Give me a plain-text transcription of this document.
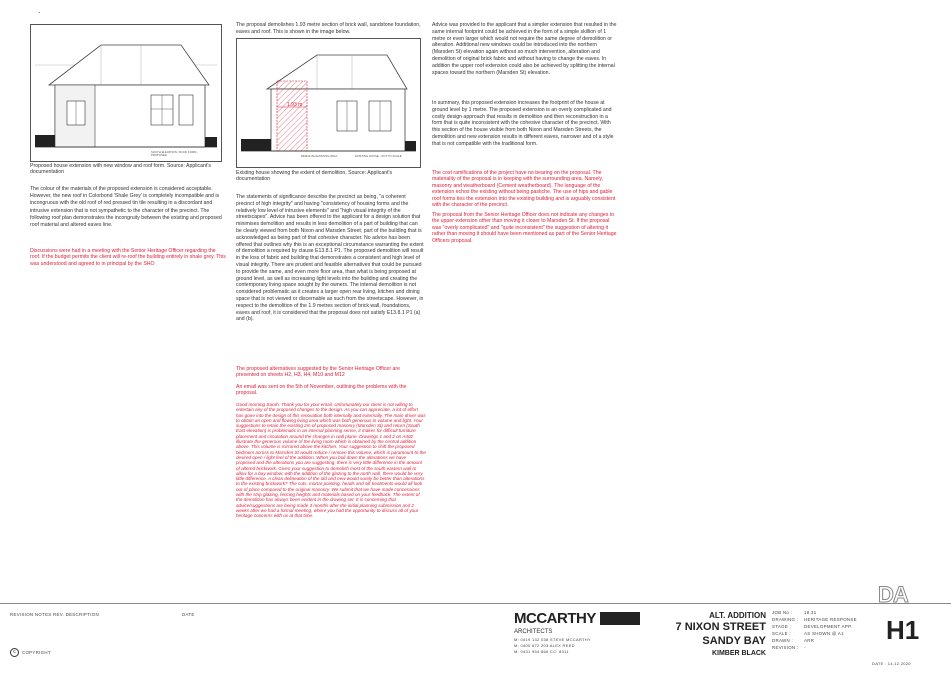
.
SOUTH ELEVATION / ROOF FORM - PROPOSED
Proposed house extension with new window and roof form. Source: Applicant's documentation
The colour of the materials of the proposed extension is considered acceptable. However, the new roof in Colorbond 'Shale Grey' is completely incompatible and is incongruous with the old roof of red pressed tin tile resulting in a discordant and intrusive extension that is not sympathetic to the character of the precinct. The following roof plan demonstrates the incongruity between the existing and proposed roof material and altered eaves line.
Discussions were had in a meeting with the Senior Heritage Officer regarding the roof. If the budget permits the client will re-roof the building entirely in shale grey. This was understood and agreed to in principal by the SHO
The proposal demolishes 1.93 metre section of brick wall, sandstone foundation, eaves and roof. This is shown in the image below.
1.93 m
DEMOLISH EXISTING WALL	EXISTING HOUSE - NOT TO SCALE
Existing house showing the extent of demolition. Source: Applicant's documentation
The statements of significance describe the precinct as being, "a coherent precinct of high integrity" and having "consistency of housing forms and the relatively low level of intrusive elements" and "high visual integrity of the streetscapes". Advice has been offered to the applicant for a design solution that minimises demolition and results in less demolition of a part of building that can be clearly viewed from both Nixon and Marsden Street; part of the building that is acknowledged as being part of that cohesive character. No advice has been offered that outlines why this is an exceptional circumstance warranting the extent of demolition a required by clause E13.8.1 P1. The proposed demolition will result in the loss of fabric and building that demonstrates a consistent and high level of visual integrity. There are prudent and feasible alternatives that could be pursued to provide the same, and even more floor area, than what is being proposed at ground level, as well as increasing light levels into the building and creating the contemporary living space sought by the owners. The internal demolition is not considered problematic as it creates a larger open rear living, kitchen and dining space that is not viewed or discernable as such from the streetscape. However, in respect to the demolition of the 1.9 metres section of brick wall, foundations, eaves and roof, it is considered that the proposal does not satisfy E13.8.1 P1 (a) and (b).
The proposed alternatives suggested by the Senior Heritage Officer are presented on sheets H2, H3, H4, M10 and M12
An email was sent on the 5th of November, outlining the problems with the proposal.
Good morning Sarah, Thank you for your email. Unfortunately our client is not willing to entertain any of the proposed changes to the design. As you can appreciate, a lot of effort has gone into the design of this renovation both internally and externally. The main driver was to obtain an open and flowing living area which was both generous in volume and light. Your suggestions to retain the existing 2m of proposed masonry (Marsden St) and return (South East elevation) is problematic in an internal planning sense, it makes for difficult furniture placement and circulation around the changes in wall plane. Drawings 1 and 2 on A402 illustrate the generous volume of the living room which is obtained by the central addition above. This volume is mirrored above the kitchen. Your suggestion to shift the proposed bedroom across to Marsden St would reduce / remove this volume, which is paramount to the desired open / light feel of the addition. When you boil down the alterations we have proposed and the alterations you are suggesting, there is very little difference in the amount of altered brickwork. Given your suggestion to demolish most of the south eastern wall to allow for a bay window, with the addition of the glazing to the north wall, there would be very little difference. A clean delineation of the old and new would surely be better than alterations to the existing brickwork? The cuts, mortar pointing, heads and sill treatments would all look out of place compared to the original masonry. We submit that we have made concessions with the strip glazing, fencing heights and materials based on your feedback. The extent of the demolition has always been evident in the drawing set. It is concerning that advice/suggestions are being made 3 months after the initial planning submission and 2 weeks after we had a formal meeting, where you had the opportunity to discuss all of your heritage concerns with us at that time.
Advice was provided to the applicant that a simpler extension that resulted in the same internal footprint could be achieved in the form of a simple skillion of 1 metre or even larger which would not require the same degree of demolition or alteration. Additional new windows could be introduced into the northern (Marsden St) elevation again without so much intervention, alteration and demolition of original brick fabric and without having to change the eaves. In addition the upper roof extension could also be achieved by splitting the internal spaces toward the northern (Marsden St) elevation.
In summary, this proposed extension increases the footprint of the house at ground level by 1 metre. The proposed extension is an overly complicated and costly design approach that results in demolition and then reconstruction in a form that is quite inconsistent with the cohesive character of the precinct. With this section of the house visible from both Nixon and Marsden Streets, the demolition and new extension results in different eaves, narrower and of a style that is not compatible with the traditional form.
The cost ramifications of the project have no bearing on the proposal. The materiality of the proposal is in keeping with the surrounding area. Namely, masonry and weatherboard (Cement weatherboard). The language of the extension echos the existing without being pastiche. The use of hips and gable roof forms ties the extension into the existing building and is arguably consistent with the character of the precinct.
The proposal from the Senior Heritage Officer does not indicate any changes to the upper extension other than moving it closer to Marsden St. If the proposal was "overly complicated" and "quite inconsistent" the suggestion of altering it rather than moving it should have been mentioned as part of the Senior Heritage Officers proposal.
REVISION NOTES REV. DESCRIPTION	DATE
c	COPYRIGHT
MCCARTHY
ARCHITECTS
M: 0419 132 038 STEVE MCCARTHY
M: 0400 672 203 ALEX REED
M: 0431 954 866 CC: 8311
ALT. ADDITION
7 NIXON STREET
SANDY BAY
KIMBER BLACK
JOB No :	18.31
DRAWING :	HERITAGE RESPONSE
STAGE :	DEVELOPMENT APP.
SCALE :	AS SHOWN @ A1
DRAWN :	ARR
REVISION :	-
DA
H1
DATE : 14.12.2020
